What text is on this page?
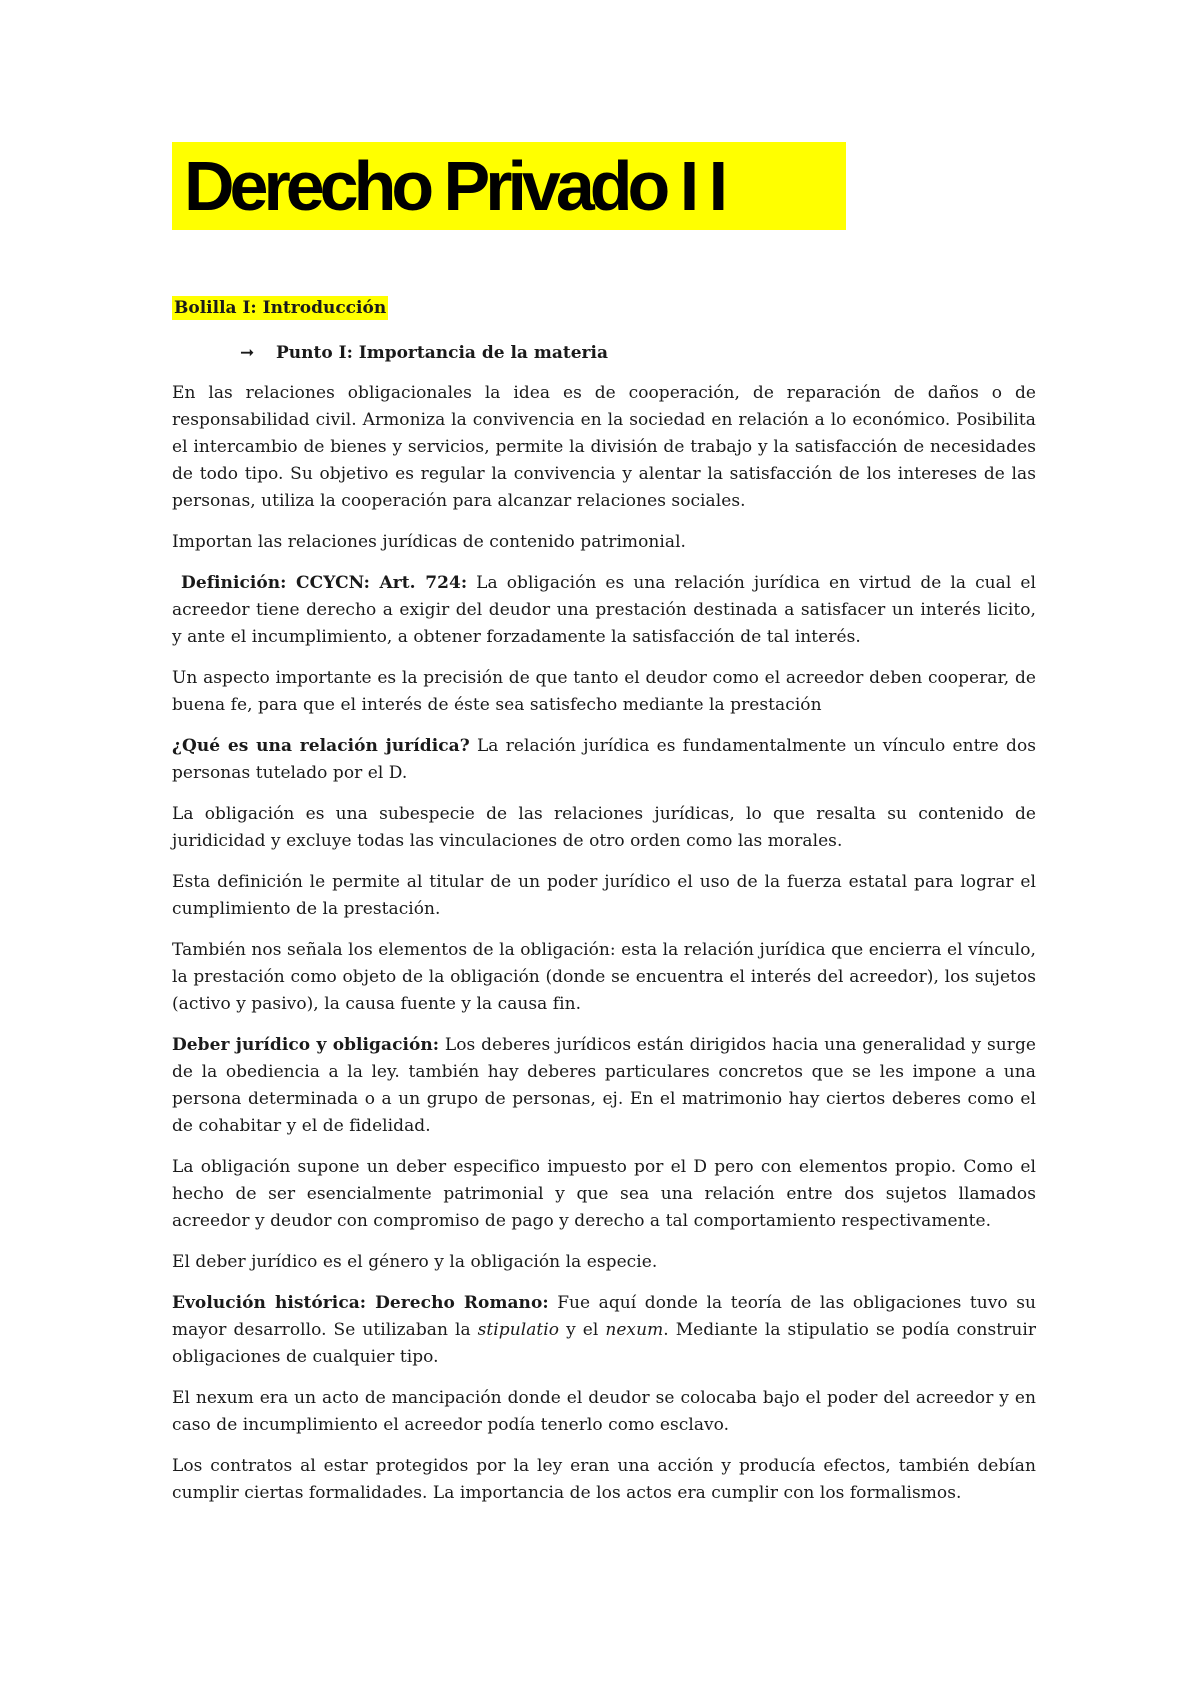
Derecho Privado I I
Bolilla I: Introducción
➞ Punto I: Importancia de la materia

En las relaciones obligacionales la idea es de cooperación, de reparación de daños o de responsabilidad civil. Armoniza la convivencia en la sociedad en relación a lo económico. Posibilita el intercambio de bienes y servicios, permite la división de trabajo y la satisfacción de necesidades de todo tipo. Su objetivo es regular la convivencia y alentar la satisfacción de los intereses de las personas, utiliza la cooperación para alcanzar relaciones sociales.

Importan las relaciones jurídicas de contenido patrimonial.

Definición: CCYCN: Art. 724: La obligación es una relación jurídica en virtud de la cual el acreedor tiene derecho a exigir del deudor una prestación destinada a satisfacer un interés licito, y ante el incumplimiento, a obtener forzadamente la satisfacción de tal interés.

Un aspecto importante es la precisión de que tanto el deudor como el acreedor deben cooperar, de buena fe, para que el interés de éste sea satisfecho mediante la prestación

¿Qué es una relación jurídica? La relación jurídica es fundamentalmente un vínculo entre dos personas tutelado por el D.

La obligación es una subespecie de las relaciones jurídicas, lo que resalta su contenido de juridicidad y excluye todas las vinculaciones de otro orden como las morales.

Esta definición le permite al titular de un poder jurídico el uso de la fuerza estatal para lograr el cumplimiento de la prestación.

También nos señala los elementos de la obligación: esta la relación jurídica que encierra el vínculo, la prestación como objeto de la obligación (donde se encuentra el interés del acreedor), los sujetos (activo y pasivo), la causa fuente y la causa fin.

Deber jurídico y obligación: Los deberes jurídicos están dirigidos hacia una generalidad y surge de la obediencia a la ley. también hay deberes particulares concretos que se les impone a una persona determinada o a un grupo de personas, ej. En el matrimonio hay ciertos deberes como el de cohabitar y el de fidelidad.

La obligación supone un deber especifico impuesto por el D pero con elementos propio. Como el hecho de ser esencialmente patrimonial y que sea una relación entre dos sujetos llamados acreedor y deudor con compromiso de pago y derecho a tal comportamiento respectivamente.

El deber jurídico es el género y la obligación la especie.

Evolución histórica: Derecho Romano: Fue aquí donde la teoría de las obligaciones tuvo su mayor desarrollo. Se utilizaban la stipulatio y el nexum. Mediante la stipulatio se podía construir obligaciones de cualquier tipo.

El nexum era un acto de mancipación donde el deudor se colocaba bajo el poder del acreedor y en caso de incumplimiento el acreedor podía tenerlo como esclavo.

Los contratos al estar protegidos por la ley eran una acción y producía efectos, también debían cumplir ciertas formalidades. La importancia de los actos era cumplir con los formalismos.
